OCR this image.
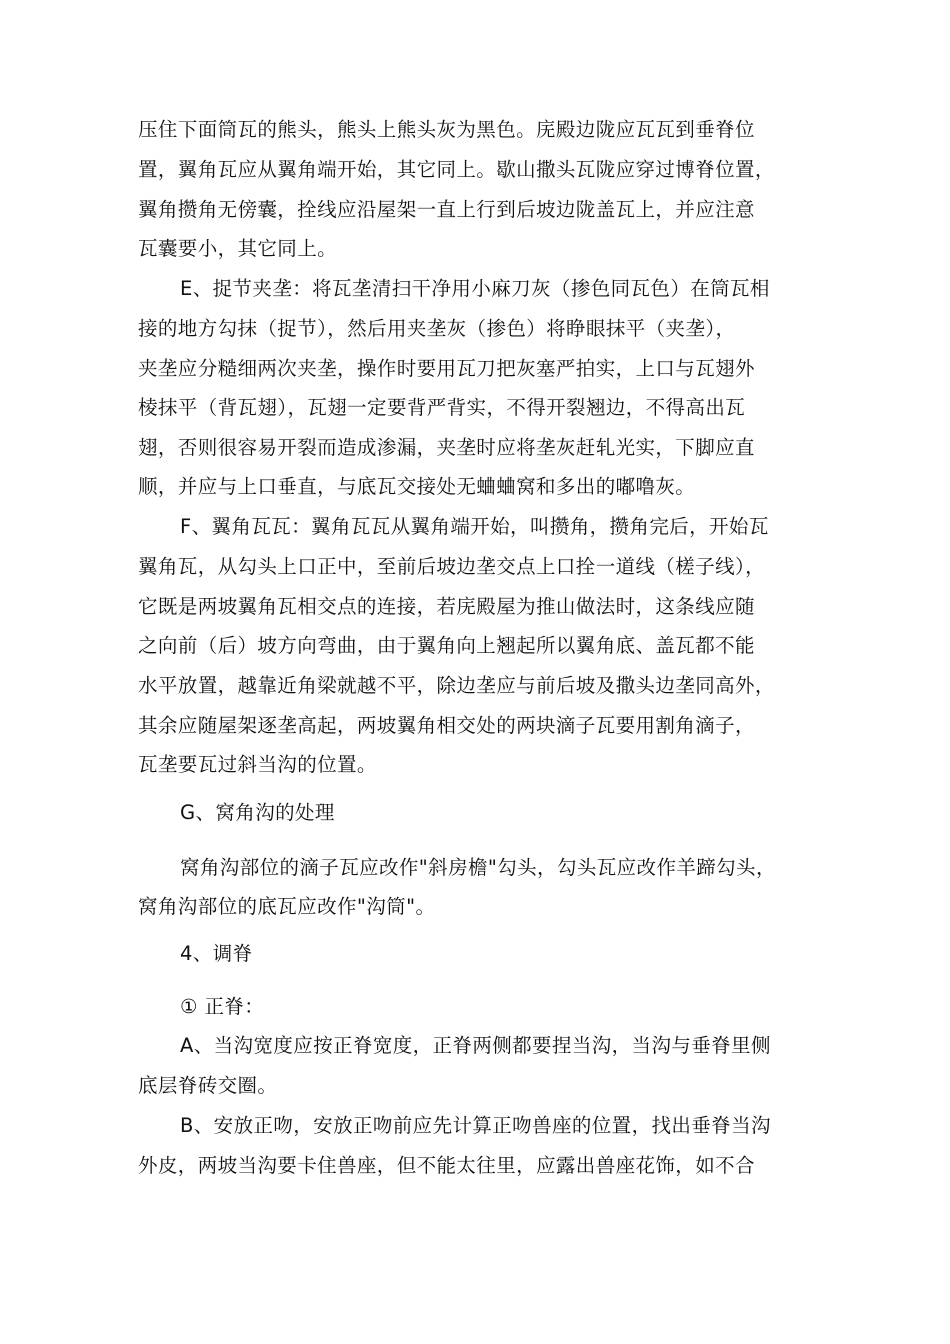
压住下面筒瓦的熊头，熊头上熊头灰为黑色。庑殿边陇应瓦瓦到垂脊位
置，翼角瓦应从翼角端开始，其它同上。歇山撒头瓦陇应穿过博脊位置，
翼角攒角无傍囊，拴线应沿屋架一直上行到后坡边陇盖瓦上，并应注意
瓦囊要小，其它同上。
E、捉节夹垄：将瓦垄清扫干净用小麻刀灰（掺色同瓦色）在筒瓦相
接的地方勾抹（捉节），然后用夹垄灰（掺色）将睁眼抹平（夹垄），
夹垄应分糙细两次夹垄，操作时要用瓦刀把灰塞严拍实，上口与瓦翅外
棱抹平（背瓦翅），瓦翅一定要背严背实，不得开裂翘边，不得高出瓦
翅，否则很容易开裂而造成渗漏，夹垄时应将垄灰赶轧光实，下脚应直
顺，并应与上口垂直，与底瓦交接处无蛐蛐窝和多出的嘟噜灰。
F、翼角瓦瓦：翼角瓦瓦从翼角端开始，叫攒角，攒角完后，开始瓦
翼角瓦，从勾头上口正中，至前后坡边垄交点上口拴一道线（槎子线），
它既是两坡翼角瓦相交点的连接，若庑殿屋为推山做法时，这条线应随
之向前（后）坡方向弯曲，由于翼角向上翘起所以翼角底、盖瓦都不能
水平放置，越靠近角梁就越不平，除边垄应与前后坡及撒头边垄同高外，
其余应随屋架逐垄高起，两坡翼角相交处的两块滴子瓦要用割角滴子，
瓦垄要瓦过斜当沟的位置。
G、窝角沟的处理
窝角沟部位的滴子瓦应改作"斜房檐"勾头，勾头瓦应改作羊蹄勾头，
窝角沟部位的底瓦应改作"沟筒"。
4、调脊
① 正脊：
A、当沟宽度应按正脊宽度，正脊两侧都要捏当沟，当沟与垂脊里侧
底层脊砖交圈。
B、安放正吻，安放正吻前应先计算正吻兽座的位置，找出垂脊当沟
外皮，两坡当沟要卡住兽座，但不能太往里，应露出兽座花饰，如不合
